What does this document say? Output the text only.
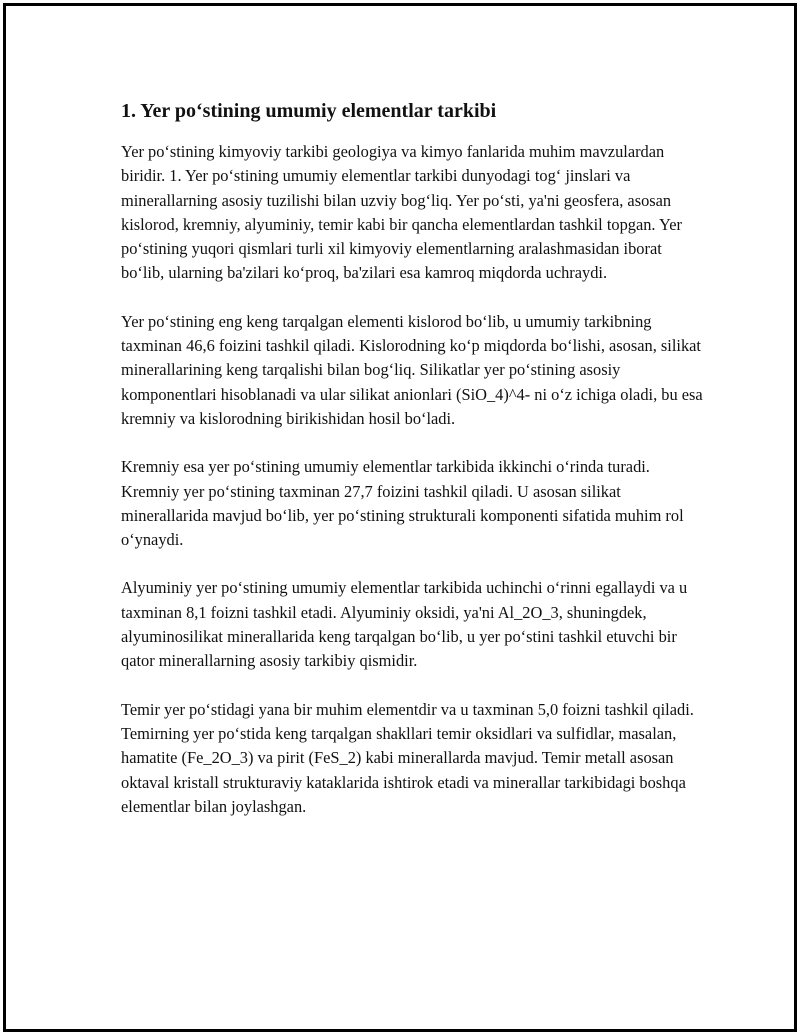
1. Yer po‘stining umumiy elementlar tarkibi

Yer po‘stining kimyoviy tarkibi geologiya va kimyo fanlarida muhim mavzulardan biridir. 1. Yer po‘stining umumiy elementlar tarkibi dunyodagi tog‘ jinslari va minerallarning asosiy tuzilishi bilan uzviy bog‘liq. Yer po‘sti, ya'ni geosfera, asosan kislorod, kremniy, alyuminiy, temir kabi bir qancha elementlardan tashkil topgan. Yer po‘stining yuqori qismlari turli xil kimyoviy elementlarning aralashmasidan iborat bo‘lib, ularning ba'zilari ko‘proq, ba'zilari esa kamroq miqdorda uchraydi.

Yer po‘stining eng keng tarqalgan elementi kislorod bo‘lib, u umumiy tarkibning taxminan 46,6 foizini tashkil qiladi. Kislorodning ko‘p miqdorda bo‘lishi, asosan, silikat minerallarining keng tarqalishi bilan bog‘liq. Silikatlar yer po‘stining asosiy komponentlari hisoblanadi va ular silikat anionlari (SiO_4)^4- ni o‘z ichiga oladi, bu esa kremniy va kislorodning birikishidan hosil bo‘ladi.

Kremniy esa yer po‘stining umumiy elementlar tarkibida ikkinchi o‘rinda turadi. Kremniy yer po‘stining taxminan 27,7 foizini tashkil qiladi. U asosan silikat minerallarida mavjud bo‘lib, yer po‘stining strukturali komponenti sifatida muhim rol o‘ynaydi.

Alyuminiy yer po‘stining umumiy elementlar tarkibida uchinchi o‘rinni egallaydi va u taxminan 8,1 foizni tashkil etadi. Alyuminiy oksidi, ya'ni Al_2O_3, shuningdek, alyuminosilikat minerallarida keng tarqalgan bo‘lib, u yer po‘stini tashkil etuvchi bir qator minerallarning asosiy tarkibiy qismidir.

Temir yer po‘stidagi yana bir muhim elementdir va u taxminan 5,0 foizni tashkil qiladi. Temirning yer po‘stida keng tarqalgan shakllari temir oksidlari va sulfidlar, masalan, hamatite (Fe_2O_3) va pirit (FeS_2) kabi minerallarda mavjud. Temir metall asosan oktaval kristall strukturaviy kataklarida ishtirok etadi va minerallar tarkibidagi boshqa elementlar bilan joylashgan.
